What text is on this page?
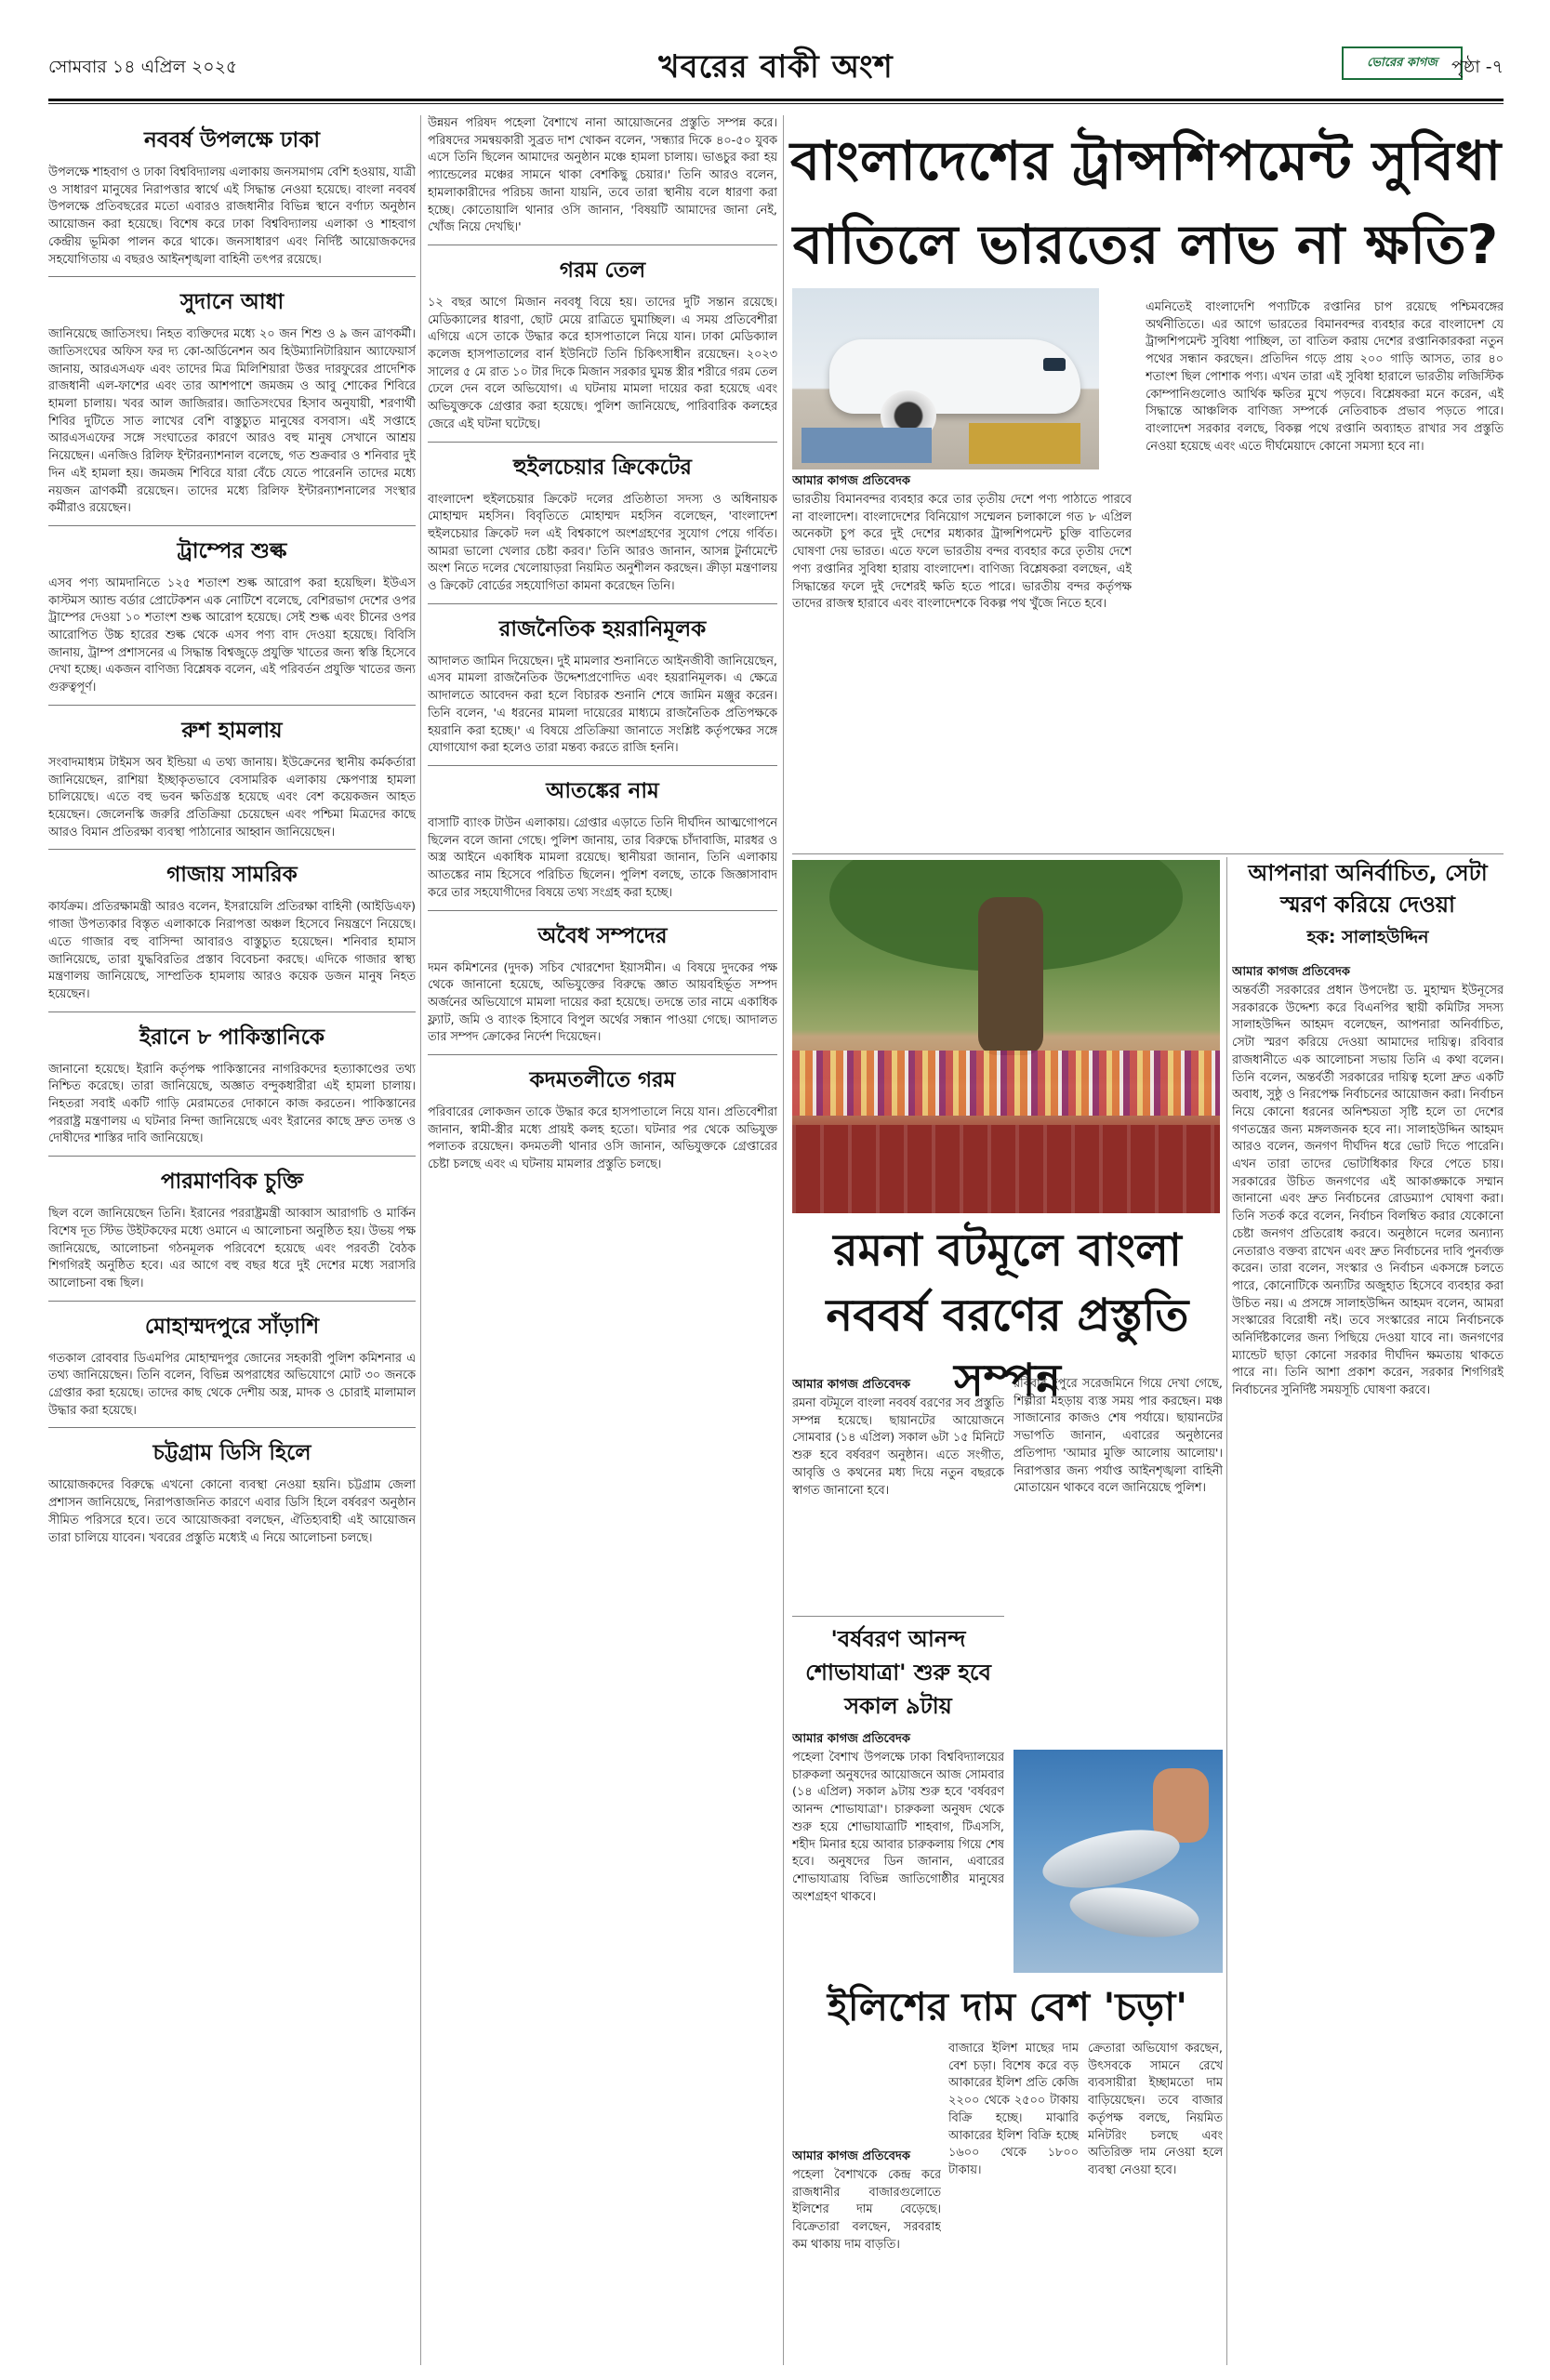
সোমবার ১৪ এপ্রিল ২০২৫	খবরের বাকী অংশ	ভোরের কাগজ পৃষ্ঠা -৭
নববর্ষ উপলক্ষে ঢাকা

উপলক্ষে শাহবাগ ও ঢাকা বিশ্ববিদ্যালয় এলাকায় জনসমাগম বেশি হওয়ায়, যাত্রী ও সাধারণ মানুষের নিরাপত্তার স্বার্থে এই সিদ্ধান্ত নেওয়া হয়েছে। বাংলা নববর্ষ উপলক্ষে প্রতিবছরের মতো এবারও রাজধানীর বিভিন্ন স্থানে বর্ণাঢ্য অনুষ্ঠান আয়োজন করা হয়েছে। বিশেষ করে ঢাকা বিশ্ববিদ্যালয় এলাকা ও শাহবাগ কেন্দ্রীয় ভূমিকা পালন করে থাকে। জনসাধারণ এবং নির্দিষ্ট আয়োজকদের সহযোগিতায় এ বছরও আইনশৃঙ্খলা বাহিনী তৎপর রয়েছে।

সুদানে আধা

জানিয়েছে জাতিসংঘ। নিহত ব্যক্তিদের মধ্যে ২০ জন শিশু ও ৯ জন ত্রাণকর্মী। জাতিসংঘের অফিস ফর দ্য কো-অর্ডিনেশন অব হিউম্যানিটারিয়ান অ্যাফেয়ার্স জানায়, আরএসএফ এবং তাদের মিত্র মিলিশিয়ারা উত্তর দারফুরের প্রাদেশিক রাজধানী এল-ফাশের এবং তার আশপাশে জমজম ও আবু শোকের শিবিরে হামলা চালায়। খবর আল জাজিরার। জাতিসংঘের হিসাব অনুযায়ী, শরণার্থী শিবির দুটিতে সাত লাখের বেশি বাস্তুচ্যুত মানুষের বসবাস। এই সপ্তাহে আরএসএফের সঙ্গে সংঘাতের কারণে আরও বহু মানুষ সেখানে আশ্রয় নিয়েছেন। এনজিও রিলিফ ইন্টারন্যাশনাল বলেছে, গত শুক্রবার ও শনিবার দুই দিন এই হামলা হয়। জমজম শিবিরে যারা বেঁচে যেতে পারেননি তাদের মধ্যে নয়জন ত্রাণকর্মী রয়েছেন। তাদের মধ্যে রিলিফ ইন্টারন্যাশনালের সংস্থার কর্মীরাও রয়েছেন।

ট্রাম্পের শুল্ক

এসব পণ্য আমদানিতে ১২৫ শতাংশ শুল্ক আরোপ করা হয়েছিল। ইউএস কাস্টমস অ্যান্ড বর্ডার প্রোটেকশন এক নোটিশে বলেছে, বেশিরভাগ দেশের ওপর ট্রাম্পের দেওয়া ১০ শতাংশ শুল্ক আরোপ হয়েছে। সেই শুল্ক এবং চীনের ওপর আরোপিত উচ্চ হারের শুল্ক থেকে এসব পণ্য বাদ দেওয়া হয়েছে। বিবিসি জানায়, ট্রাম্প প্রশাসনের এ সিদ্ধান্ত বিশ্বজুড়ে প্রযুক্তি খাতের জন্য স্বস্তি হিসেবে দেখা হচ্ছে। একজন বাণিজ্য বিশ্লেষক বলেন, এই পরিবর্তন প্রযুক্তি খাতের জন্য গুরুত্বপূর্ণ।

রুশ হামলায়

সংবাদমাধ্যম টাইমস অব ইন্ডিয়া এ তথ্য জানায়। ইউক্রেনের স্থানীয় কর্মকর্তারা জানিয়েছেন, রাশিয়া ইচ্ছাকৃতভাবে বেসামরিক এলাকায় ক্ষেপণাস্ত্র হামলা চালিয়েছে। এতে বহু ভবন ক্ষতিগ্রস্ত হয়েছে এবং বেশ কয়েকজন আহত হয়েছেন। জেলেনস্কি জরুরি প্রতিক্রিয়া চেয়েছেন এবং পশ্চিমা মিত্রদের কাছে আরও বিমান প্রতিরক্ষা ব্যবস্থা পাঠানোর আহ্বান জানিয়েছেন।

গাজায় সামরিক

কার্যক্রম। প্রতিরক্ষামন্ত্রী আরও বলেন, ইসরায়েলি প্রতিরক্ষা বাহিনী (আইডিএফ) গাজা উপত্যকার বিস্তৃত এলাকাকে নিরাপত্তা অঞ্চল হিসেবে নিয়ন্ত্রণে নিয়েছে। এতে গাজার বহু বাসিন্দা আবারও বাস্তুচ্যুত হয়েছেন। শনিবার হামাস জানিয়েছে, তারা যুদ্ধবিরতির প্রস্তাব বিবেচনা করছে। এদিকে গাজার স্বাস্থ্য মন্ত্রণালয় জানিয়েছে, সাম্প্রতিক হামলায় আরও কয়েক ডজন মানুষ নিহত হয়েছেন।

ইরানে ৮ পাকিস্তানিকে

জানানো হয়েছে। ইরানি কর্তৃপক্ষ পাকিস্তানের নাগরিকদের হত্যাকাণ্ডের তথ্য নিশ্চিত করেছে। তারা জানিয়েছে, অজ্ঞাত বন্দুকধারীরা এই হামলা চালায়। নিহতরা সবাই একটি গাড়ি মেরামতের দোকানে কাজ করতেন। পাকিস্তানের পররাষ্ট্র মন্ত্রণালয় এ ঘটনার নিন্দা জানিয়েছে এবং ইরানের কাছে দ্রুত তদন্ত ও দোষীদের শাস্তির দাবি জানিয়েছে।

পারমাণবিক চুক্তি

ছিল বলে জানিয়েছেন তিনি। ইরানের পররাষ্ট্রমন্ত্রী আব্বাস আরাগচি ও মার্কিন বিশেষ দূত স্টিভ উইটকফের মধ্যে ওমানে এ আলোচনা অনুষ্ঠিত হয়। উভয় পক্ষ জানিয়েছে, আলোচনা গঠনমূলক পরিবেশে হয়েছে এবং পরবর্তী বৈঠক শিগগিরই অনুষ্ঠিত হবে। এর আগে বহু বছর ধরে দুই দেশের মধ্যে সরাসরি আলোচনা বন্ধ ছিল।

মোহাম্মদপুরে সাঁড়াশি

গতকাল রোববার ডিএমপির মোহাম্মদপুর জোনের সহকারী পুলিশ কমিশনার এ তথ্য জানিয়েছেন। তিনি বলেন, বিভিন্ন অপরাধের অভিযোগে মোট ৩০ জনকে গ্রেপ্তার করা হয়েছে। তাদের কাছ থেকে দেশীয় অস্ত্র, মাদক ও চোরাই মালামাল উদ্ধার করা হয়েছে।

চট্টগ্রাম ডিসি হিলে

আয়োজকদের বিরুদ্ধে এখনো কোনো ব্যবস্থা নেওয়া হয়নি। চট্টগ্রাম জেলা প্রশাসন জানিয়েছে, নিরাপত্তাজনিত কারণে এবার ডিসি হিলে বর্ষবরণ অনুষ্ঠান সীমিত পরিসরে হবে। তবে আয়োজকরা বলছেন, ঐতিহ্যবাহী এই আয়োজন তারা চালিয়ে যাবেন। খবরের প্রস্তুতি মধ্যেই এ নিয়ে আলোচনা চলছে।

উন্নয়ন পরিষদ পহেলা বৈশাখে নানা আয়োজনের প্রস্তুতি সম্পন্ন করে। পরিষদের সমন্বয়কারী সুব্রত দাশ খোকন বলেন, 'সন্ধ্যার দিকে ৪০-৫০ যুবক এসে তিনি ছিলেন আমাদের অনুষ্ঠান মঞ্চে হামলা চালায়। ভাঙচুর করা হয় প্যান্ডেলের মঞ্চের সামনে থাকা বেশকিছু চেয়ার।' তিনি আরও বলেন, হামলাকারীদের পরিচয় জানা যায়নি, তবে তারা স্থানীয় বলে ধারণা করা হচ্ছে। কোতোয়ালি থানার ওসি জানান, 'বিষয়টি আমাদের জানা নেই, খোঁজ নিয়ে দেখছি।'

গরম তেল

১২ বছর আগে মিজান নববধূ বিয়ে হয়। তাদের দুটি সন্তান রয়েছে। মেডিক্যালের ধারণা, ছোট মেয়ে রাত্রিতে ঘুমাচ্ছিল। এ সময় প্রতিবেশীরা এগিয়ে এসে তাকে উদ্ধার করে হাসপাতালে নিয়ে যান। ঢাকা মেডিক্যাল কলেজ হাসপাতালের বার্ন ইউনিটে তিনি চিকিৎসাধীন রয়েছেন। ২০২৩ সালের ৫ মে রাত ১০ টার দিকে মিজান সরকার ঘুমন্ত স্ত্রীর শরীরে গরম তেল ঢেলে দেন বলে অভিযোগ। এ ঘটনায় মামলা দায়ের করা হয়েছে এবং অভিযুক্তকে গ্রেপ্তার করা হয়েছে। পুলিশ জানিয়েছে, পারিবারিক কলহের জেরে এই ঘটনা ঘটেছে।

হুইলচেয়ার ক্রিকেটের

বাংলাদেশ হুইলচেয়ার ক্রিকেট দলের প্রতিষ্ঠাতা সদস্য ও অধিনায়ক মোহাম্মদ মহসিন। বিবৃতিতে মোহাম্মদ মহসিন বলেছেন, 'বাংলাদেশ হুইলচেয়ার ক্রিকেট দল এই বিশ্বকাপে অংশগ্রহণের সুযোগ পেয়ে গর্বিত। আমরা ভালো খেলার চেষ্টা করব।' তিনি আরও জানান, আসন্ন টুর্নামেন্টে অংশ নিতে দলের খেলোয়াড়রা নিয়মিত অনুশীলন করছেন। ক্রীড়া মন্ত্রণালয় ও ক্রিকেট বোর্ডের সহযোগিতা কামনা করেছেন তিনি।

রাজনৈতিক হয়রানিমূলক

আদালত জামিন দিয়েছেন। দুই মামলার শুনানিতে আইনজীবী জানিয়েছেন, এসব মামলা রাজনৈতিক উদ্দেশ্যপ্রণোদিত এবং হয়রানিমূলক। এ ক্ষেত্রে আদালতে আবেদন করা হলে বিচারক শুনানি শেষে জামিন মঞ্জুর করেন। তিনি বলেন, 'এ ধরনের মামলা দায়েরের মাধ্যমে রাজনৈতিক প্রতিপক্ষকে হয়রানি করা হচ্ছে।' এ বিষয়ে প্রতিক্রিয়া জানাতে সংশ্লিষ্ট কর্তৃপক্ষের সঙ্গে যোগাযোগ করা হলেও তারা মন্তব্য করতে রাজি হননি।

আতঙ্কের নাম

বাসাটি ব্যাংক টাউন এলাকায়। গ্রেপ্তার এড়াতে তিনি দীর্ঘদিন আত্মগোপনে ছিলেন বলে জানা গেছে। পুলিশ জানায়, তার বিরুদ্ধে চাঁদাবাজি, মারধর ও অস্ত্র আইনে একাধিক মামলা রয়েছে। স্থানীয়রা জানান, তিনি এলাকায় আতঙ্কের নাম হিসেবে পরিচিত ছিলেন। পুলিশ বলছে, তাকে জিজ্ঞাসাবাদ করে তার সহযোগীদের বিষয়ে তথ্য সংগ্রহ করা হচ্ছে।

অবৈধ সম্পদের

দমন কমিশনের (দুদক) সচিব খোরশেদা ইয়াসমীন। এ বিষয়ে দুদকের পক্ষ থেকে জানানো হয়েছে, অভিযুক্তের বিরুদ্ধে জ্ঞাত আয়বহির্ভূত সম্পদ অর্জনের অভিযোগে মামলা দায়ের করা হয়েছে। তদন্তে তার নামে একাধিক ফ্ল্যাট, জমি ও ব্যাংক হিসাবে বিপুল অর্থের সন্ধান পাওয়া গেছে। আদালত তার সম্পদ ক্রোকের নির্দেশ দিয়েছেন।

কদমতলীতে গরম

পরিবারের লোকজন তাকে উদ্ধার করে হাসপাতালে নিয়ে যান। প্রতিবেশীরা জানান, স্বামী-স্ত্রীর মধ্যে প্রায়ই কলহ হতো। ঘটনার পর থেকে অভিযুক্ত পলাতক রয়েছেন। কদমতলী থানার ওসি জানান, অভিযুক্তকে গ্রেপ্তারের চেষ্টা চলছে এবং এ ঘটনায় মামলার প্রস্তুতি চলছে।

বাংলাদেশের ট্রান্সশিপমেন্ট সুবিধা বাতিলে ভারতের লাভ না ক্ষতি?
আমার কাগজ প্রতিবেদক

ভারতীয় বিমানবন্দর ব্যবহার করে তার তৃতীয় দেশে পণ্য পাঠাতে পারবে না বাংলাদেশ। বাংলাদেশের বিনিয়োগ সম্মেলন চলাকালে গত ৮ এপ্রিল অনেকটা চুপ করে দুই দেশের মধ্যকার ট্রান্সশিপমেন্ট চুক্তি বাতিলের ঘোষণা দেয় ভারত। এতে ফলে ভারতীয় বন্দর ব্যবহার করে তৃতীয় দেশে পণ্য রপ্তানির সুবিধা হারায় বাংলাদেশ। বাণিজ্য বিশ্লেষকরা বলছেন, এই সিদ্ধান্তের ফলে দুই দেশেরই ক্ষতি হতে পারে। ভারতীয় বন্দর কর্তৃপক্ষ তাদের রাজস্ব হারাবে এবং বাংলাদেশকে বিকল্প পথ খুঁজে নিতে হবে।

এমনিতেই বাংলাদেশি পণ্যটিকে রপ্তানির চাপ রয়েছে পশ্চিমবঙ্গের অর্থনীতিতে। এর আগে ভারতের বিমানবন্দর ব্যবহার করে বাংলাদেশ যে ট্রান্সশিপমেন্ট সুবিধা পাচ্ছিল, তা বাতিল করায় দেশের রপ্তানিকারকরা নতুন পথের সন্ধান করছেন। প্রতিদিন গড়ে প্রায় ২০০ গাড়ি আসত, তার ৪০ শতাংশ ছিল পোশাক পণ্য। এখন তারা এই সুবিধা হারালে ভারতীয় লজিস্টিক কোম্পানিগুলোও আর্থিক ক্ষতির মুখে পড়বে। বিশ্লেষকরা মনে করেন, এই সিদ্ধান্তে আঞ্চলিক বাণিজ্য সম্পর্কে নেতিবাচক প্রভাব পড়তে পারে। বাংলাদেশ সরকার বলছে, বিকল্প পথে রপ্তানি অব্যাহত রাখার সব প্রস্তুতি নেওয়া হয়েছে এবং এতে দীর্ঘমেয়াদে কোনো সমস্যা হবে না।

আপনারা অনির্বাচিত, সেটা স্মরণ করিয়ে দেওয়া
হক: সালাহউদ্দিন
আমার কাগজ প্রতিবেদক

অন্তর্বর্তী সরকারের প্রধান উপদেষ্টা ড. মুহাম্মদ ইউনূসের সরকারকে উদ্দেশ্য করে বিএনপির স্থায়ী কমিটির সদস্য সালাহউদ্দিন আহমদ বলেছেন, আপনারা অনির্বাচিত, সেটা স্মরণ করিয়ে দেওয়া আমাদের দায়িত্ব। রবিবার রাজধানীতে এক আলোচনা সভায় তিনি এ কথা বলেন। তিনি বলেন, অন্তর্বর্তী সরকারের দায়িত্ব হলো দ্রুত একটি অবাধ, সুষ্ঠু ও নিরপেক্ষ নির্বাচনের আয়োজন করা। নির্বাচন নিয়ে কোনো ধরনের অনিশ্চয়তা সৃষ্টি হলে তা দেশের গণতন্ত্রের জন্য মঙ্গলজনক হবে না। সালাহউদ্দিন আহমদ আরও বলেন, জনগণ দীর্ঘদিন ধরে ভোট দিতে পারেনি। এখন তারা তাদের ভোটাধিকার ফিরে পেতে চায়। সরকারের উচিত জনগণের এই আকাঙ্ক্ষাকে সম্মান জানানো এবং দ্রুত নির্বাচনের রোডম্যাপ ঘোষণা করা। তিনি সতর্ক করে বলেন, নির্বাচন বিলম্বিত করার যেকোনো চেষ্টা জনগণ প্রতিরোধ করবে। অনুষ্ঠানে দলের অন্যান্য নেতারাও বক্তব্য রাখেন এবং দ্রুত নির্বাচনের দাবি পুনর্ব্যক্ত করেন। তারা বলেন, সংস্কার ও নির্বাচন একসঙ্গে চলতে পারে, কোনোটিকে অন্যটির অজুহাত হিসেবে ব্যবহার করা উচিত নয়। এ প্রসঙ্গে সালাহউদ্দিন আহমদ বলেন, আমরা সংস্কারের বিরোধী নই। তবে সংস্কারের নামে নির্বাচনকে অনির্দিষ্টকালের জন্য পিছিয়ে দেওয়া যাবে না। জনগণের ম্যান্ডেট ছাড়া কোনো সরকার দীর্ঘদিন ক্ষমতায় থাকতে পারে না। তিনি আশা প্রকাশ করেন, সরকার শিগগিরই নির্বাচনের সুনির্দিষ্ট সময়সূচি ঘোষণা করবে।

রমনা বটমূলে বাংলা নববর্ষ বরণের প্রস্তুতি সম্পন্ন
আমার কাগজ প্রতিবেদক

রমনা বটমূলে বাংলা নববর্ষ বরণের সব প্রস্তুতি সম্পন্ন হয়েছে। ছায়ানটের আয়োজনে সোমবার (১৪ এপ্রিল) সকাল ৬টা ১৫ মিনিটে শুরু হবে বর্ষবরণ অনুষ্ঠান। এতে সংগীত, আবৃত্তি ও কথনের মধ্য দিয়ে নতুন বছরকে স্বাগত জানানো হবে।

রবিবার দুপুরে সরেজমিনে গিয়ে দেখা গেছে, শিল্পীরা মহড়ায় ব্যস্ত সময় পার করছেন। মঞ্চ সাজানোর কাজও শেষ পর্যায়ে। ছায়ানটের সভাপতি জানান, এবারের অনুষ্ঠানের প্রতিপাদ্য 'আমার মুক্তি আলোয় আলোয়'। নিরাপত্তার জন্য পর্যাপ্ত আইনশৃঙ্খলা বাহিনী মোতায়েন থাকবে বলে জানিয়েছে পুলিশ।

'বর্ষবরণ আনন্দ শোভাযাত্রা' শুরু হবে সকাল ৯টায়
আমার কাগজ প্রতিবেদক

পহেলা বৈশাখ উপলক্ষে ঢাকা বিশ্ববিদ্যালয়ের চারুকলা অনুষদের আয়োজনে আজ সোমবার (১৪ এপ্রিল) সকাল ৯টায় শুরু হবে 'বর্ষবরণ আনন্দ শোভাযাত্রা'। চারুকলা অনুষদ থেকে শুরু হয়ে শোভাযাত্রাটি শাহবাগ, টিএসসি, শহীদ মিনার হয়ে আবার চারুকলায় গিয়ে শেষ হবে। অনুষদের ডিন জানান, এবারের শোভাযাত্রায় বিভিন্ন জাতিগোষ্ঠীর মানুষের অংশগ্রহণ থাকবে।

ইলিশের দাম বেশ 'চড়া'
আমার কাগজ প্রতিবেদক

পহেলা বৈশাখকে কেন্দ্র করে রাজধানীর বাজারগুলোতে ইলিশের দাম বেড়েছে। বিক্রেতারা বলছেন, সরবরাহ কম থাকায় দাম বাড়তি।

বাজারে ইলিশ মাছের দাম বেশ চড়া। বিশেষ করে বড় আকারের ইলিশ প্রতি কেজি ২২০০ থেকে ২৫০০ টাকায় বিক্রি হচ্ছে। মাঝারি আকারের ইলিশ বিক্রি হচ্ছে ১৬০০ থেকে ১৮০০ টাকায়।

ক্রেতারা অভিযোগ করছেন, উৎসবকে সামনে রেখে ব্যবসায়ীরা ইচ্ছামতো দাম বাড়িয়েছেন। তবে বাজার কর্তৃপক্ষ বলছে, নিয়মিত মনিটরিং চলছে এবং অতিরিক্ত দাম নেওয়া হলে ব্যবস্থা নেওয়া হবে।
